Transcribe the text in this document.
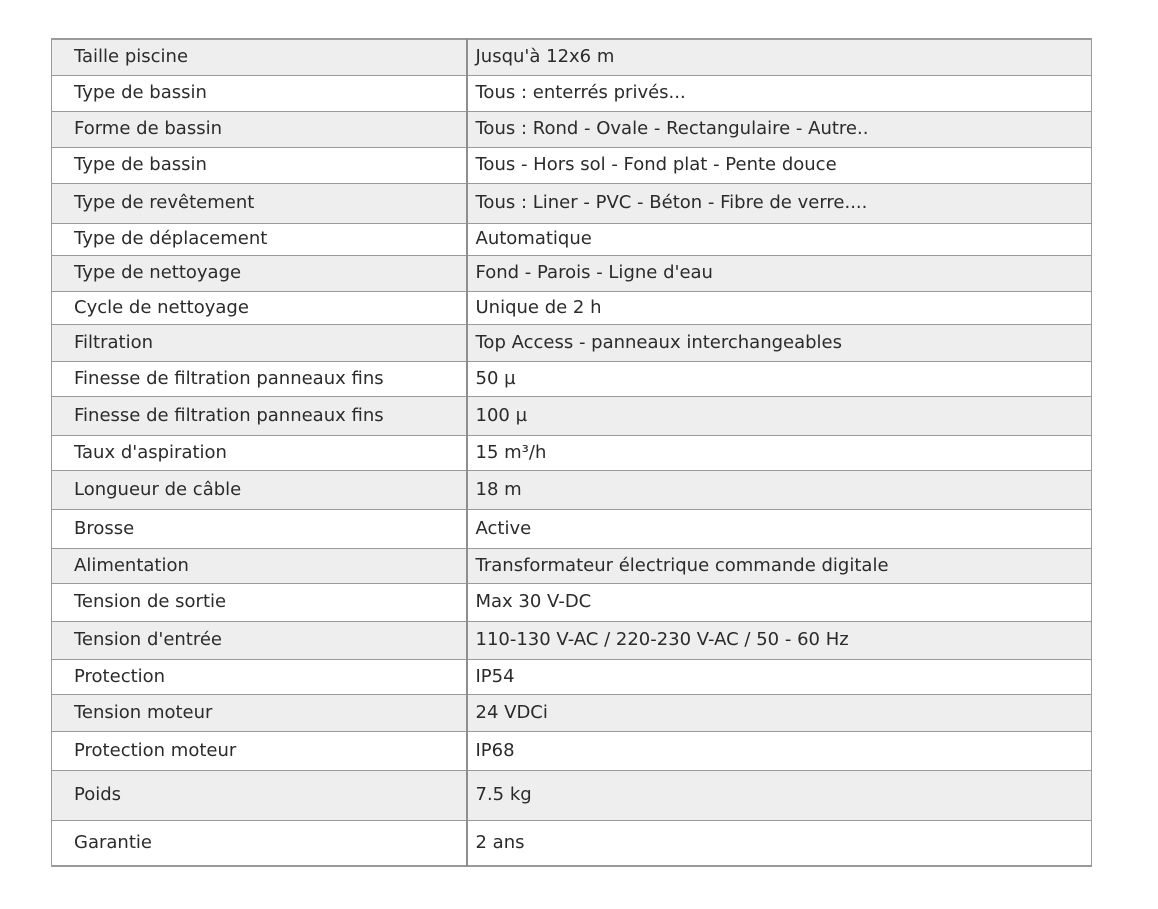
Taille piscine	Jusqu'à 12x6 m
Type de bassin	Tous : enterrés privés...
Forme de bassin	Tous : Rond - Ovale - Rectangulaire - Autre..
Type de bassin	Tous - Hors sol - Fond plat - Pente douce
Type de revêtement	Tous : Liner - PVC - Béton - Fibre de verre....
Type de déplacement	Automatique
Type de nettoyage	Fond - Parois - Ligne d'eau
Cycle de nettoyage	Unique de 2 h
Filtration	Top Access - panneaux interchangeables
Finesse de filtration panneaux fins	50 µ
Finesse de filtration panneaux fins	100 µ
Taux d'aspiration	15 m³/h
Longueur de câble	18 m
Brosse	Active
Alimentation	Transformateur électrique commande digitale
Tension de sortie	Max 30 V-DC
Tension d'entrée	110-130 V-AC / 220-230 V-AC / 50 - 60 Hz
Protection	IP54
Tension moteur	24 VDCi
Protection moteur	IP68
Poids	7.5 kg
Garantie	2 ans
